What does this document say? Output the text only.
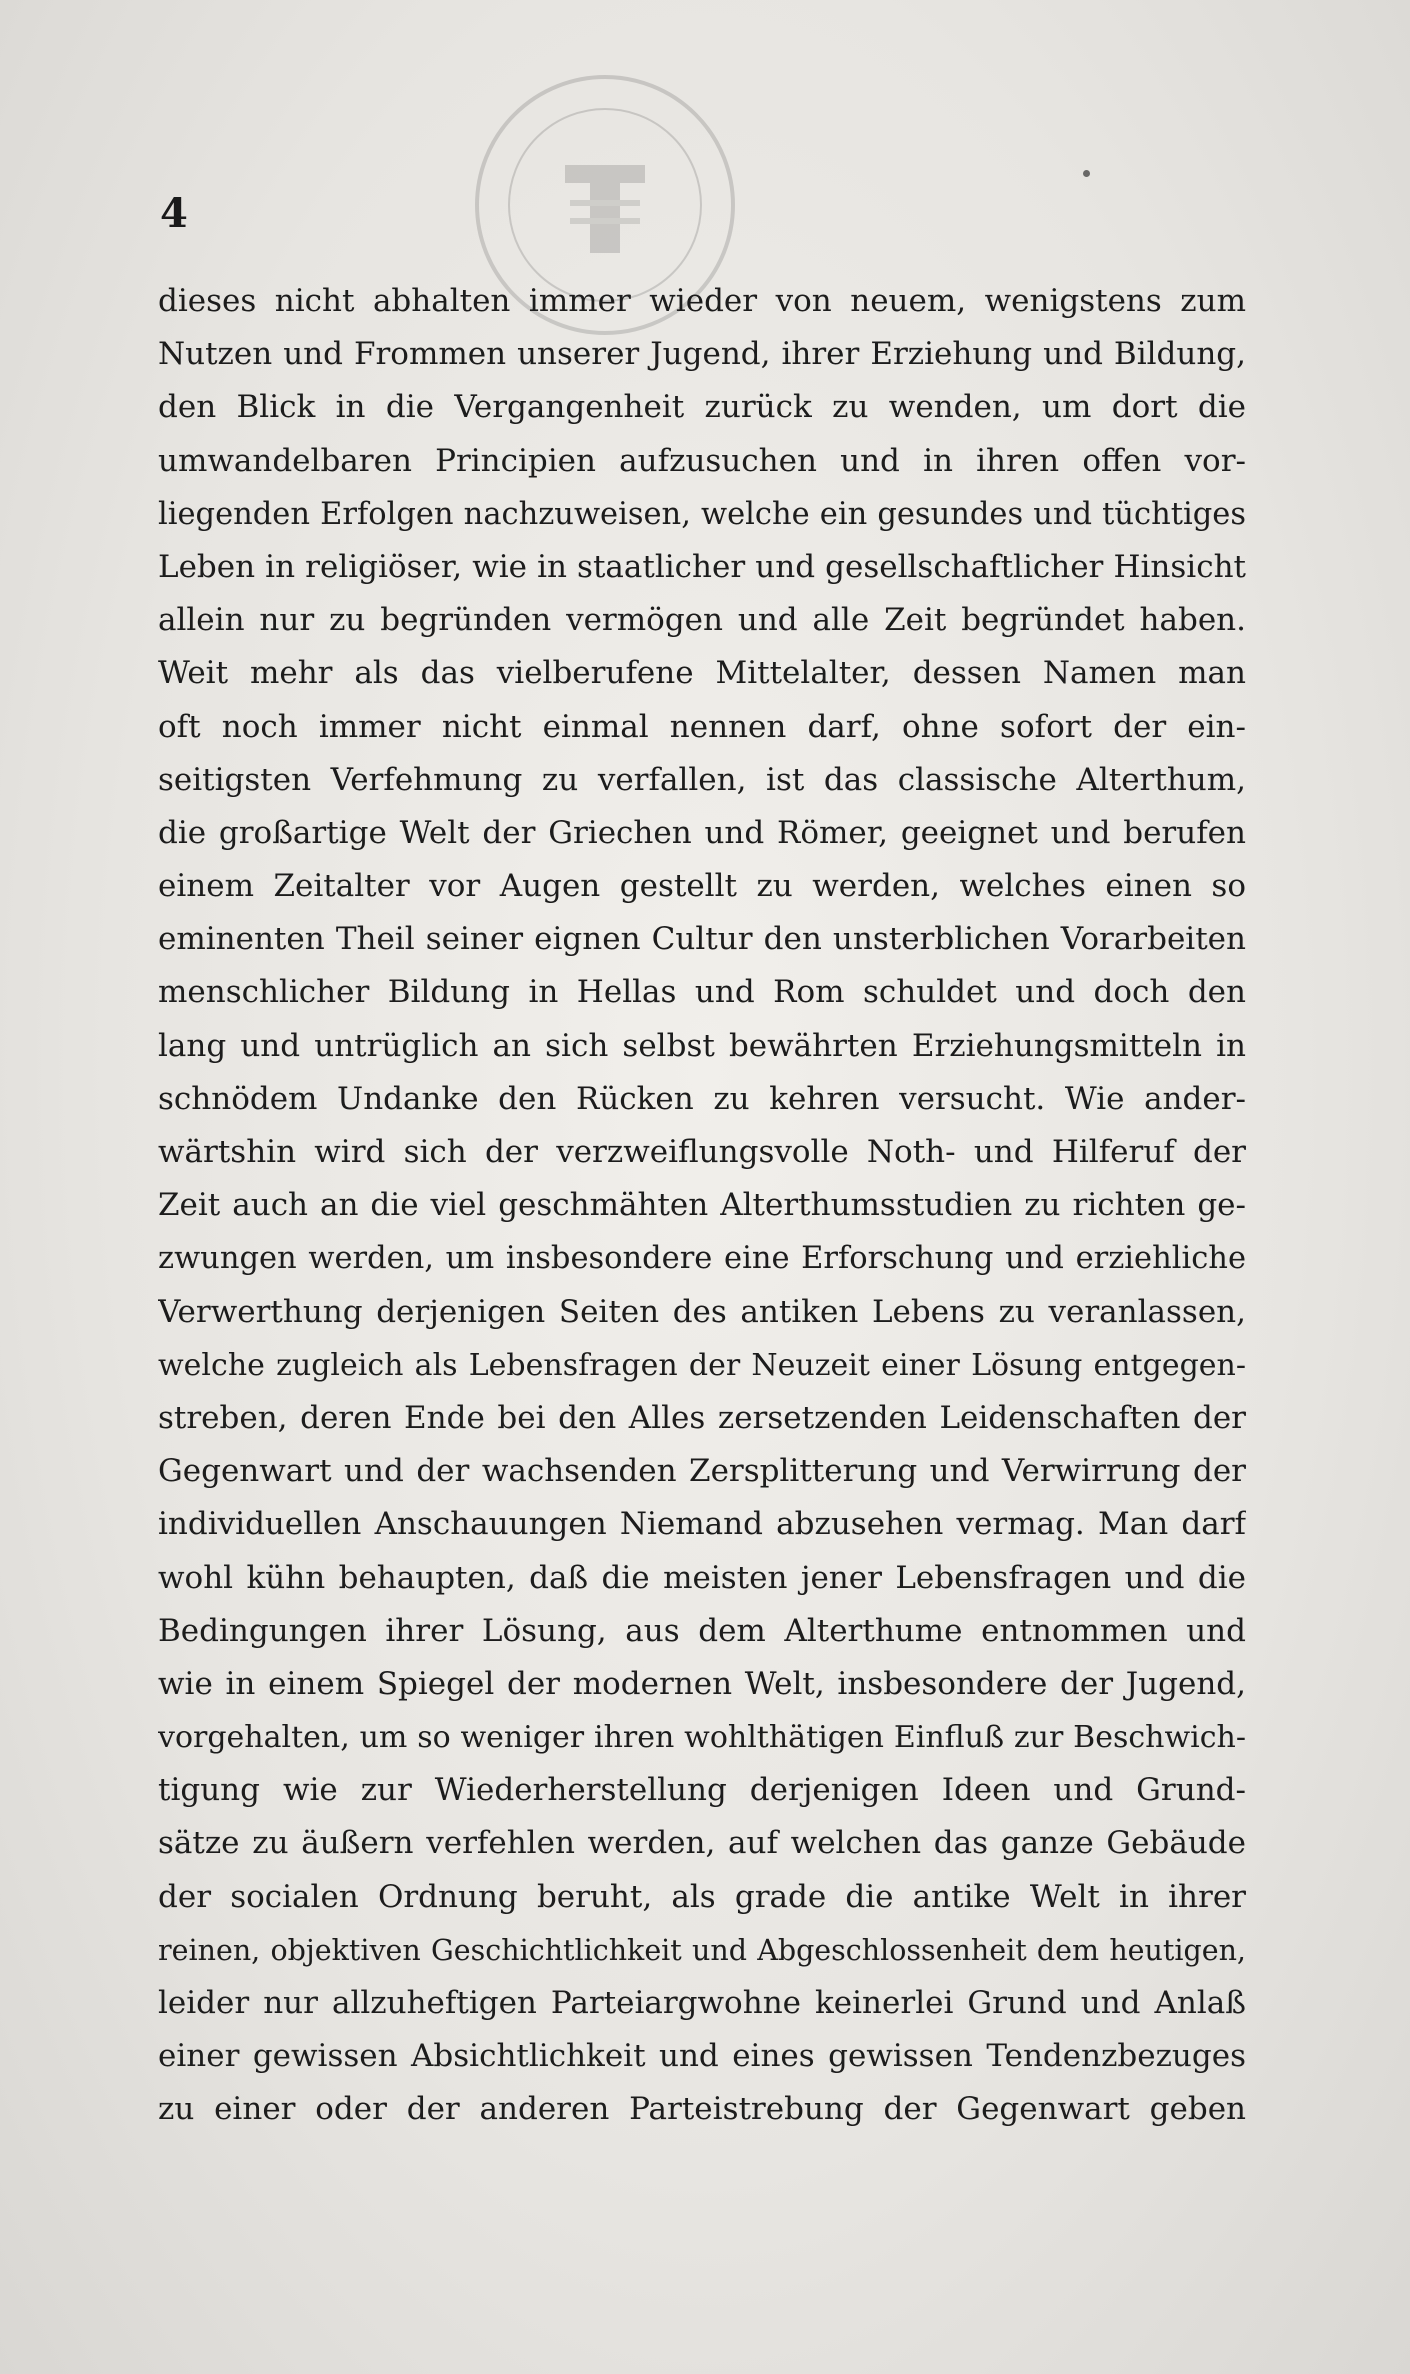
4
dieses nicht abhalten immer wieder von neuem, wenigstens zum
Nutzen und Frommen unserer Jugend, ihrer Erziehung und Bildung,
den Blick in die Vergangenheit zurück zu wenden, um dort die
umwandelbaren Principien aufzusuchen und in ihren offen vor-
liegenden Erfolgen nachzuweisen, welche ein gesundes und tüchtiges
Leben in religiöser, wie in staatlicher und gesellschaftlicher Hinsicht
allein nur zu begründen vermögen und alle Zeit begründet haben.
Weit mehr als das vielberufene Mittelalter, dessen Namen man
oft noch immer nicht einmal nennen darf, ohne sofort der ein-
seitigsten Verfehmung zu verfallen, ist das classische Alterthum,
die großartige Welt der Griechen und Römer, geeignet und berufen
einem Zeitalter vor Augen gestellt zu werden, welches einen so
eminenten Theil seiner eignen Cultur den unsterblichen Vorarbeiten
menschlicher Bildung in Hellas und Rom schuldet und doch den
lang und untrüglich an sich selbst bewährten Erziehungsmitteln in
schnödem Undanke den Rücken zu kehren versucht. Wie ander-
wärtshin wird sich der verzweiflungsvolle Noth- und Hilferuf der
Zeit auch an die viel geschmähten Alterthumsstudien zu richten ge-
zwungen werden, um insbesondere eine Erforschung und erziehliche
Verwerthung derjenigen Seiten des antiken Lebens zu veranlassen,
welche zugleich als Lebensfragen der Neuzeit einer Lösung entgegen-
streben, deren Ende bei den Alles zersetzenden Leidenschaften der
Gegenwart und der wachsenden Zersplitterung und Verwirrung der
individuellen Anschauungen Niemand abzusehen vermag. Man darf
wohl kühn behaupten, daß die meisten jener Lebensfragen und die
Bedingungen ihrer Lösung, aus dem Alterthume entnommen und
wie in einem Spiegel der modernen Welt, insbesondere der Jugend,
vorgehalten, um so weniger ihren wohlthätigen Einfluß zur Beschwich-
tigung wie zur Wiederherstellung derjenigen Ideen und Grund-
sätze zu äußern verfehlen werden, auf welchen das ganze Gebäude
der socialen Ordnung beruht, als grade die antike Welt in ihrer
reinen, objektiven Geschichtlichkeit und Abgeschlossenheit dem heutigen,
leider nur allzuheftigen Parteiargwohne keinerlei Grund und Anlaß
einer gewissen Absichtlichkeit und eines gewissen Tendenzbezuges
zu einer oder der anderen Parteistrebung der Gegenwart geben
